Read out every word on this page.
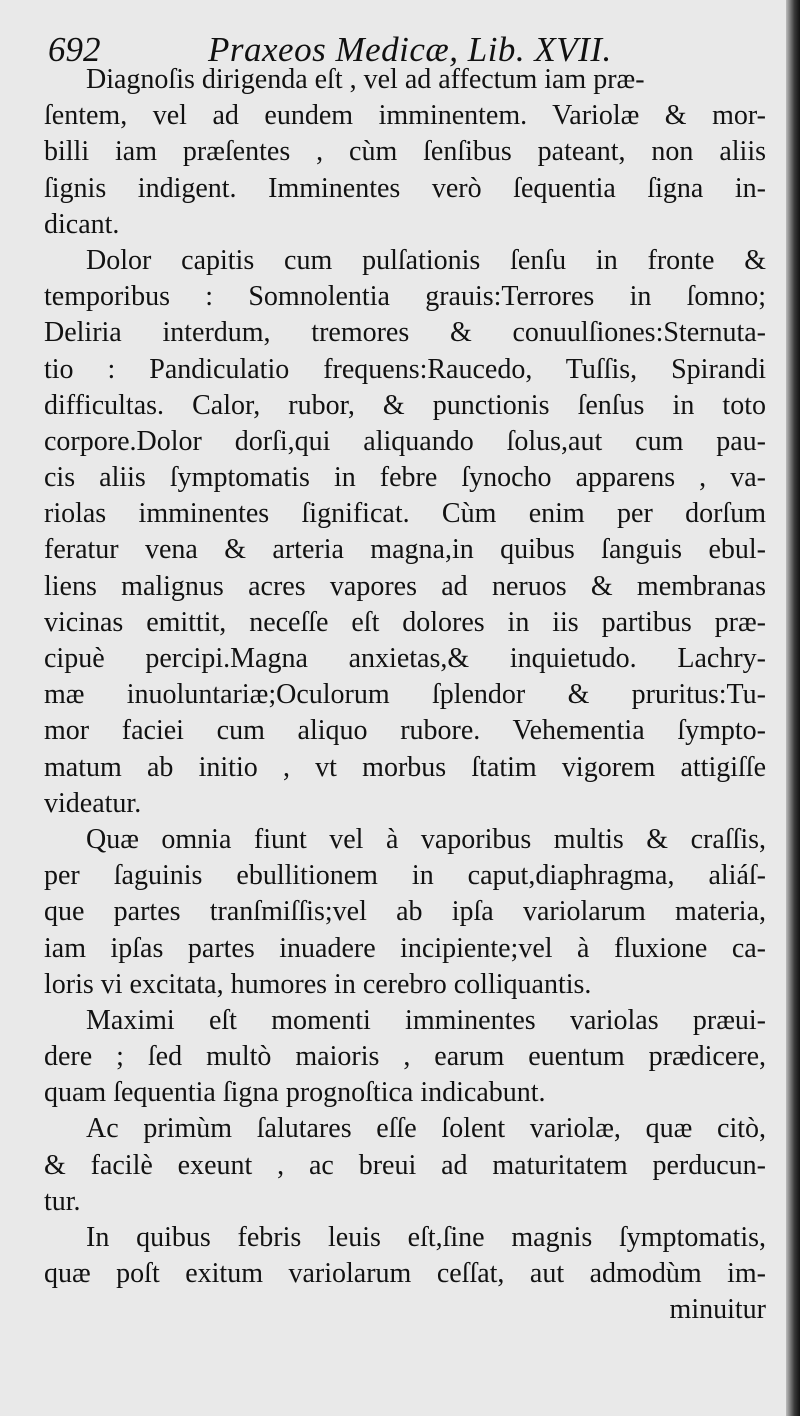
692	Praxeos Medicæ, Lib. XVII.
Diagnoſis dirigenda eſt , vel ad affectum iam præ-
ſentem, vel ad eundem imminentem. Variolæ & mor-
billi iam præſentes , cùm ſenſibus pateant, non aliis
ſignis indigent. Imminentes verò ſequentia ſigna in-
dicant.
Dolor capitis cum pulſationis ſenſu in fronte &
temporibus : Somnolentia grauis:Terrores in ſomno;
Deliria interdum, tremores & conuulſiones:Sternuta-
tio : Pandiculatio frequens:Raucedo, Tuſſis, Spirandi
difficultas. Calor, rubor, & punctionis ſenſus in toto
corpore.Dolor dorſi,qui aliquando ſolus,aut cum pau-
cis aliis ſymptomatis in febre ſynocho apparens , va-
riolas imminentes ſignificat. Cùm enim per dorſum
feratur vena & arteria magna,in quibus ſanguis ebul-
liens malignus acres vapores ad neruos & membranas
vicinas emittit, neceſſe eſt dolores in iis partibus præ-
cipuè percipi.Magna anxietas,& inquietudo. Lachry-
mæ inuoluntariæ;Oculorum ſplendor & pruritus:Tu-
mor faciei cum aliquo rubore. Vehementia ſympto-
matum ab initio , vt morbus ſtatim vigorem attigiſſe
videatur.
Quæ omnia fiunt vel à vaporibus multis & craſſis,
per ſaguinis ebullitionem in caput,diaphragma, aliáſ-
que partes tranſmiſſis;vel ab ipſa variolarum materia,
iam ipſas partes inuadere incipiente;vel à fluxione ca-
loris vi excitata, humores in cerebro colliquantis.
Maximi eſt momenti imminentes variolas præui-
dere ; ſed multò maioris , earum euentum prædicere,
quam ſequentia ſigna prognoſtica indicabunt.
Ac primùm ſalutares eſſe ſolent variolæ, quæ citò,
& facilè exeunt , ac breui ad maturitatem perducun-
tur.
In quibus febris leuis eſt,ſine magnis ſymptomatis,
quæ poſt exitum variolarum ceſſat, aut admodùm im-
minuitur
